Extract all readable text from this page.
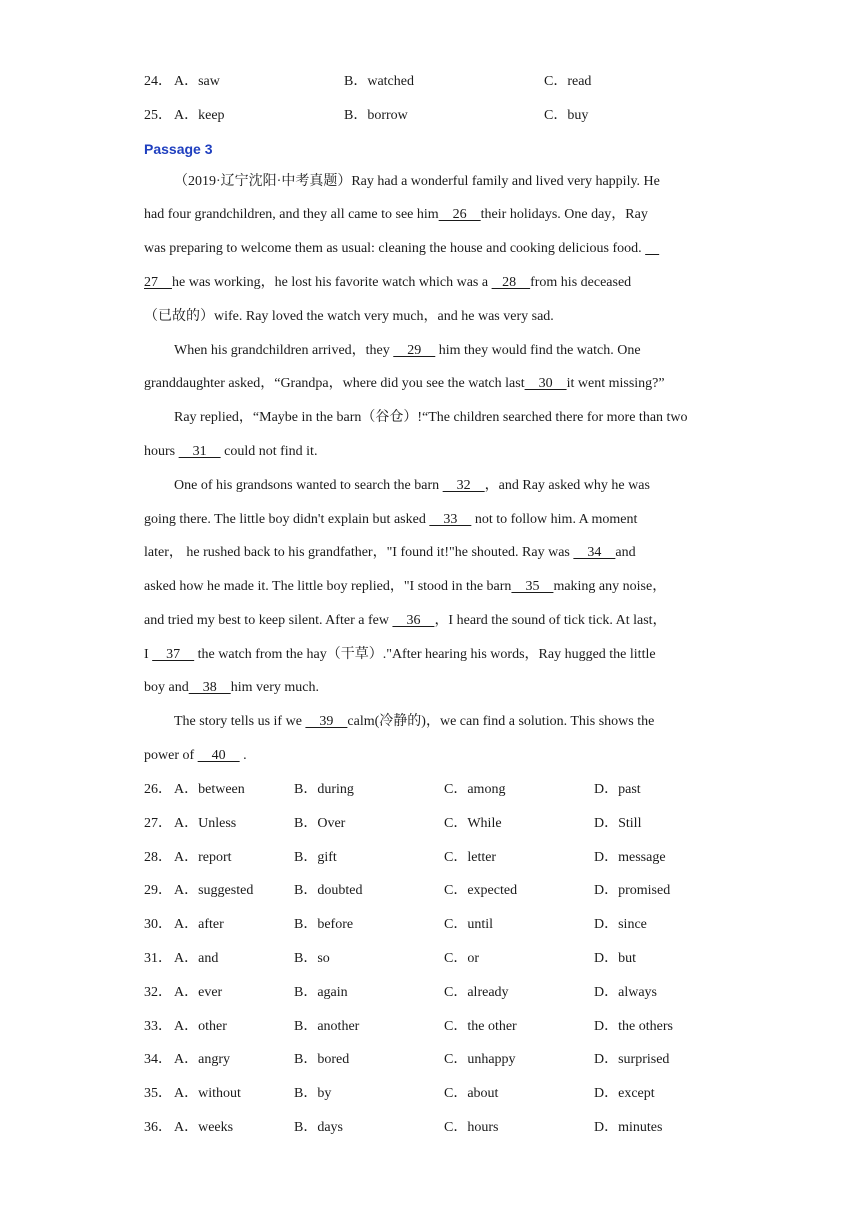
24． A．saw	B．watched	C．read
25． A．keep	B．borrow	C．buy
Passage 3
（2019·辽宁沈阳·中考真题）Ray had a wonderful family and lived very happily. He
had four grandchildren, and they all came to see him    26    their holidays. One day，Ray
was preparing to welcome them as usual: cleaning the house and cooking delicious food.
27    he was working，he lost his favorite watch which was a    28    from his deceased
（已故的）wife. Ray loved the watch very much，and he was very sad.
When his grandchildren arrived，they     29     him they would find the watch. One
granddaughter asked，“Grandpa，where did you see the watch last    30    it went missing?”
Ray replied，“Maybe in the barn（谷仓）!“The children searched there for more than two
hours     31     could not find it.
One of his grandsons wanted to search the barn     32    ，and Ray asked why he was
going there. The little boy didn't explain but asked     33     not to follow him. A moment
later， he rushed back to his grandfather，"I found it!"he shouted. Ray was     34    and
asked how he made it. The little boy replied，"I stood in the barn    35    making any noise，
and tried my best to keep silent. After a few     36    ，I heard the sound of tick tick. At last，
I     37     the watch from the hay（干草）."After hearing his words，Ray hugged the little
boy and    38    him very much.
The story tells us if we     39    calm(冷静的)，we can find a solution. This shows the
power of     40     .
26． A．between	B．during	C．among	D．past
27． A．Unless	B．Over	C．While	D．Still
28． A．report	B．gift	C．letter	D．message
29． A．suggested	B．doubted	C．expected	D．promised
30． A．after	B．before	C．until	D．since
31． A．and	B．so	C．or	D．but
32． A．ever	B．again	C．already	D．always
33． A．other	B．another	C．the other	D．the others
34． A．angry	B．bored	C．unhappy	D．surprised
35． A．without	B．by	C．about	D．except
36． A．weeks	B．days	C．hours	D．minutes
